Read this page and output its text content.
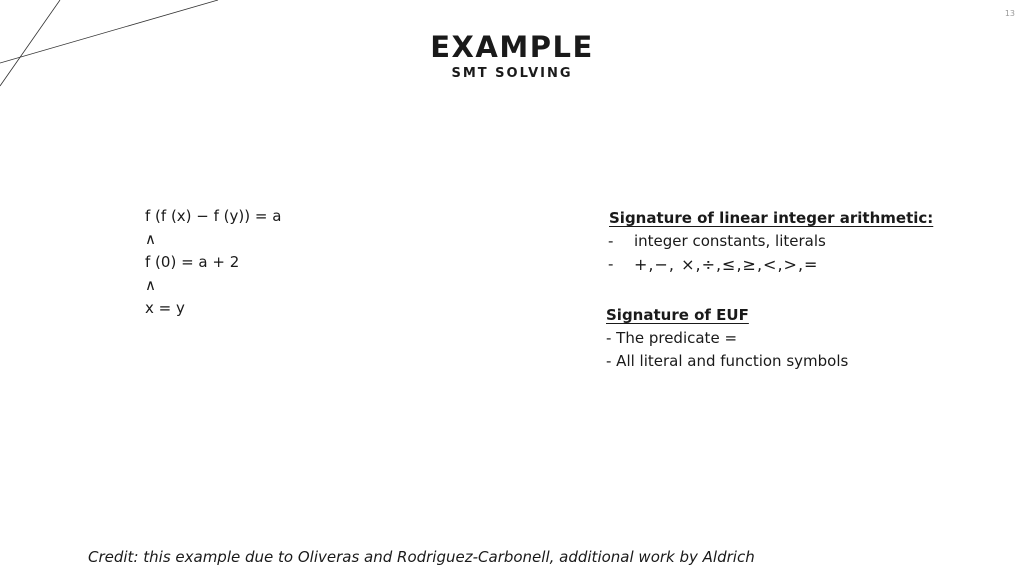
13
EXAMPLE
SMT SOLVING
f (f (x) − f (y)) = a
∧
f (0) = a + 2
∧
x = y
Signature of linear integer arithmetic:
- integer constants, literals
- +,−, ×,÷,≤,≥,<,>,=
Signature of EUF
- The predicate =
- All literal and function symbols
Credit: this example due to Oliveras and Rodriguez-Carbonell, additional work by Aldrich
